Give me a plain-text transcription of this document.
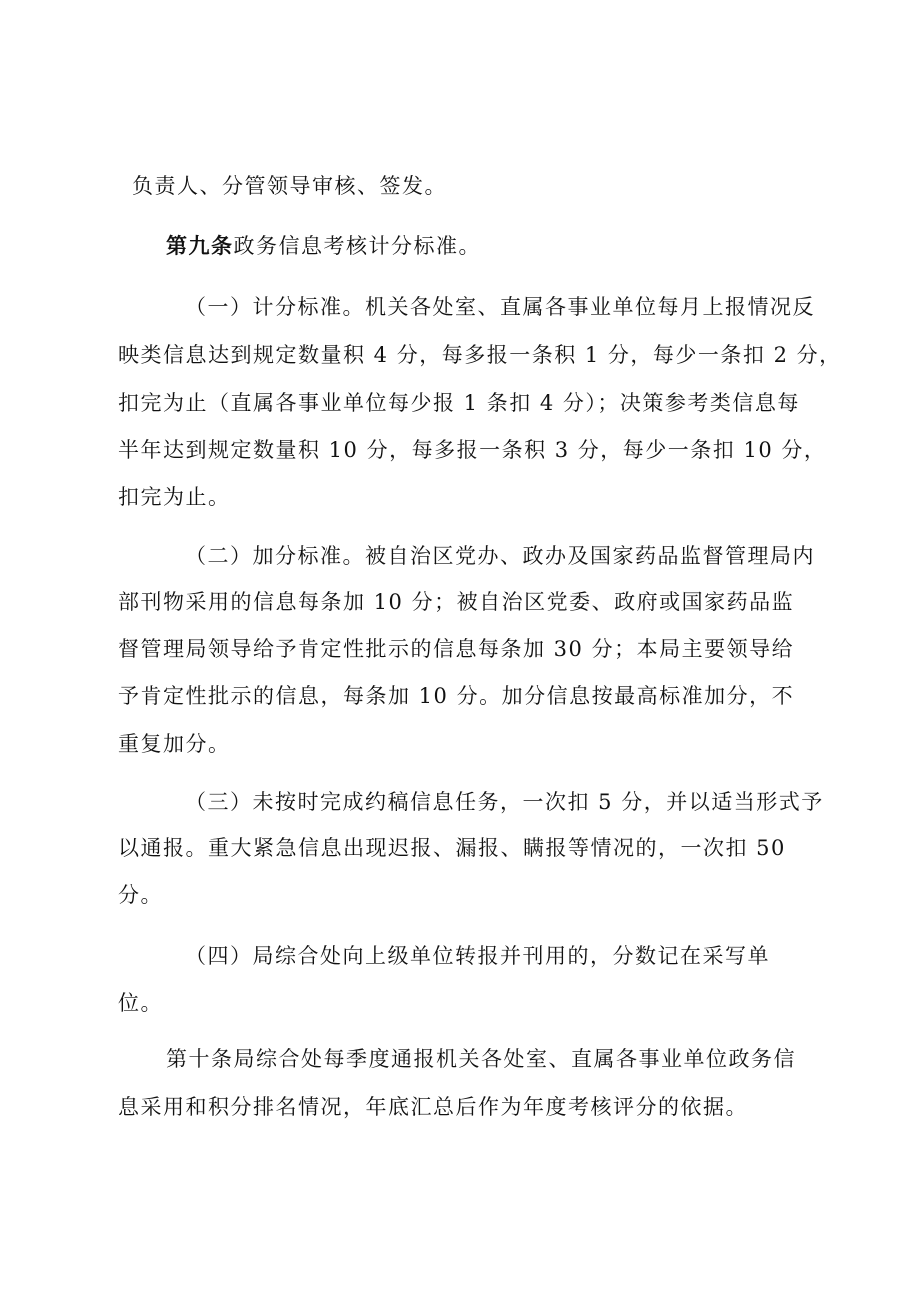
负责人、分管领导审核、签发。
第九条政务信息考核计分标准。
（一）计分标准。机关各处室、直属各事业单位每月上报情况反
映类信息达到规定数量积 4 分，每多报一条积 1 分，每少一条扣 2 分，
扣完为止（直属各事业单位每少报 1 条扣 4 分）；决策参考类信息每
半年达到规定数量积 10 分，每多报一条积 3 分，每少一条扣 10 分，
扣完为止。
（二）加分标准。被自治区党办、政办及国家药品监督管理局内
部刊物采用的信息每条加 10 分；被自治区党委、政府或国家药品监
督管理局领导给予肯定性批示的信息每条加 30 分；本局主要领导给
予肯定性批示的信息，每条加 10 分。加分信息按最高标准加分，不
重复加分。
（三）未按时完成约稿信息任务，一次扣 5 分，并以适当形式予
以通报。重大紧急信息出现迟报、漏报、瞒报等情况的，一次扣 50
分。
（四）局综合处向上级单位转报并刊用的，分数记在采写单
位。
第十条局综合处每季度通报机关各处室、直属各事业单位政务信
息采用和积分排名情况，年底汇总后作为年度考核评分的依据。
